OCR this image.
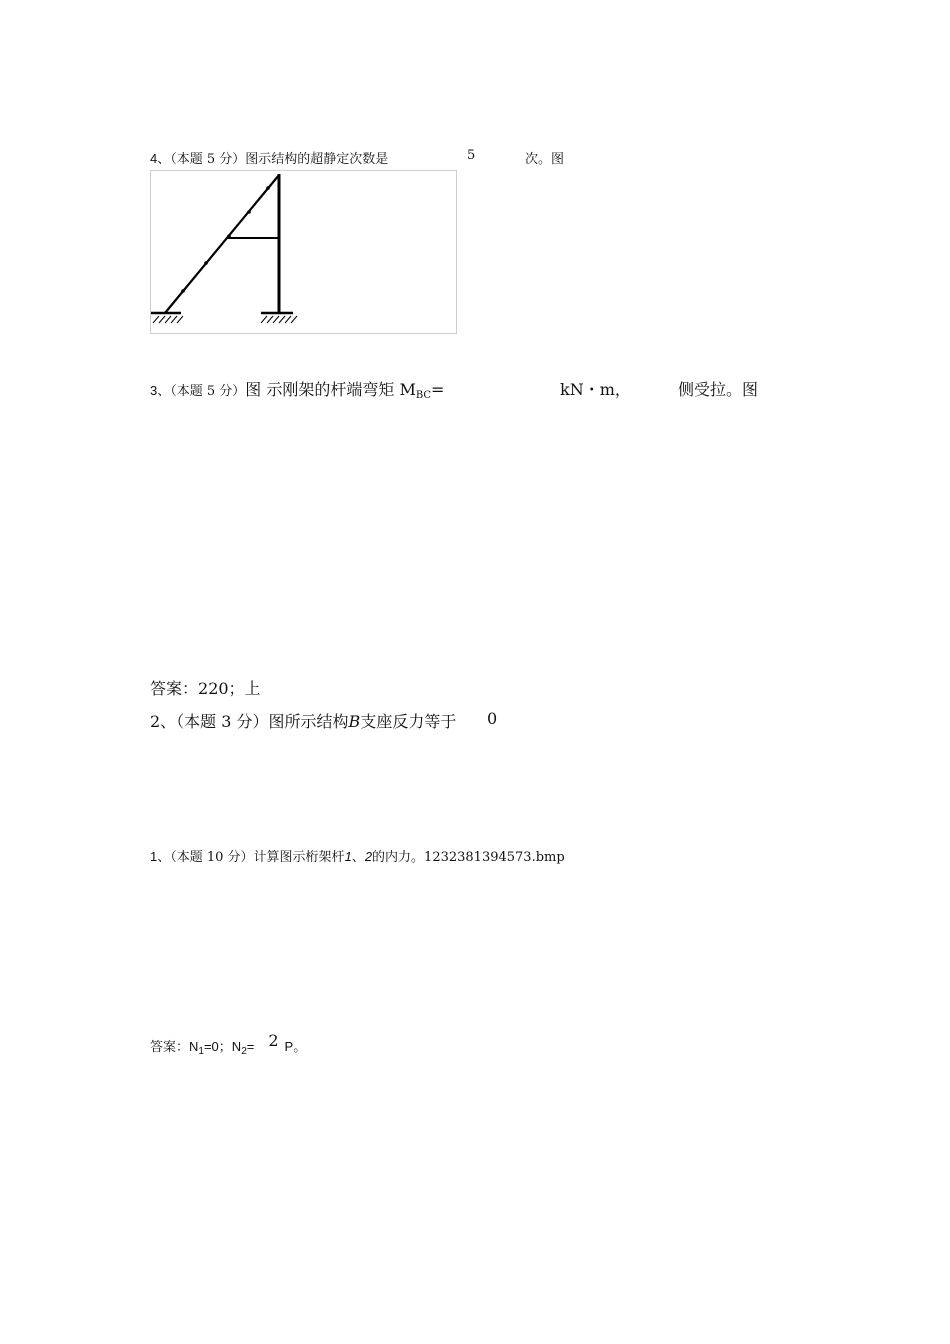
4、（本题 5 分）图示结构的超静定次数是	5	次。图
3、（本题 5 分）图 示刚架的杆端弯矩 $M_{BC}=$	kN・m，	侧受拉。图
答案：220；上
2、（本题 3 分）图所示结构B支座反力等于 0
1、（本题 10 分）计算图示桁架杆1、2的内力。1232381394573.bmp
答案：$N_1=0$；$N_2= 2$ P。
